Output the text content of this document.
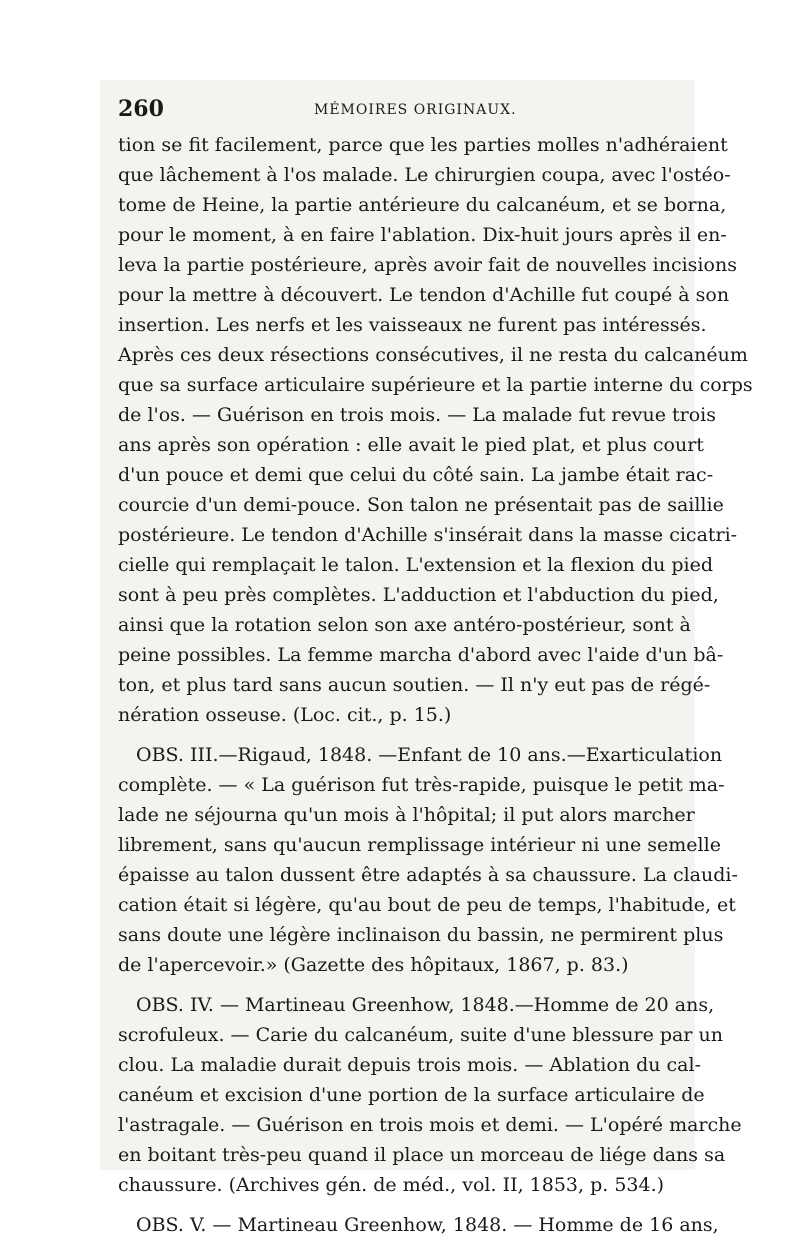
260	MÉMOIRES ORIGINAUX.
tion se fit facilement, parce que les parties molles n'adhéraient
que lâchement à l'os malade. Le chirurgien coupa, avec l'ostéo-
tome de Heine, la partie antérieure du calcanéum, et se borna,
pour le moment, à en faire l'ablation. Dix-huit jours après il en-
leva la partie postérieure, après avoir fait de nouvelles incisions
pour la mettre à découvert. Le tendon d'Achille fut coupé à son
insertion. Les nerfs et les vaisseaux ne furent pas intéressés.
Après ces deux résections consécutives, il ne resta du calcanéum
que sa surface articulaire supérieure et la partie interne du corps
de l'os. — Guérison en trois mois. — La malade fut revue trois
ans après son opération : elle avait le pied plat, et plus court
d'un pouce et demi que celui du côté sain. La jambe était rac-
courcie d'un demi-pouce. Son talon ne présentait pas de saillie
postérieure. Le tendon d'Achille s'insérait dans la masse cicatri-
cielle qui remplaçait le talon. L'extension et la flexion du pied
sont à peu près complètes. L'adduction et l'abduction du pied,
ainsi que la rotation selon son axe antéro-postérieur, sont à
peine possibles. La femme marcha d'abord avec l'aide d'un bâ-
ton, et plus tard sans aucun soutien. — Il n'y eut pas de régé-
nération osseuse. (Loc. cit., p. 15.)
OBS. III.—Rigaud, 1848. —Enfant de 10 ans.—Exarticulation
complète. — « La guérison fut très-rapide, puisque le petit ma-
lade ne séjourna qu'un mois à l'hôpital; il put alors marcher
librement, sans qu'aucun remplissage intérieur ni une semelle
épaisse au talon dussent être adaptés à sa chaussure. La claudi-
cation était si légère, qu'au bout de peu de temps, l'habitude, et
sans doute une légère inclinaison du bassin, ne permirent plus
de l'apercevoir.» (Gazette des hôpitaux, 1867, p. 83.)
OBS. IV. — Martineau Greenhow, 1848.—Homme de 20 ans,
scrofuleux. — Carie du calcanéum, suite d'une blessure par un
clou. La maladie durait depuis trois mois. — Ablation du cal-
canéum et excision d'une portion de la surface articulaire de
l'astragale. — Guérison en trois mois et demi. — L'opéré marche
en boitant très-peu quand il place un morceau de liége dans sa
chaussure. (Archives gén. de méd., vol. II, 1853, p. 534.)
OBS. V. — Martineau Greenhow, 1848. — Homme de 16 ans,
